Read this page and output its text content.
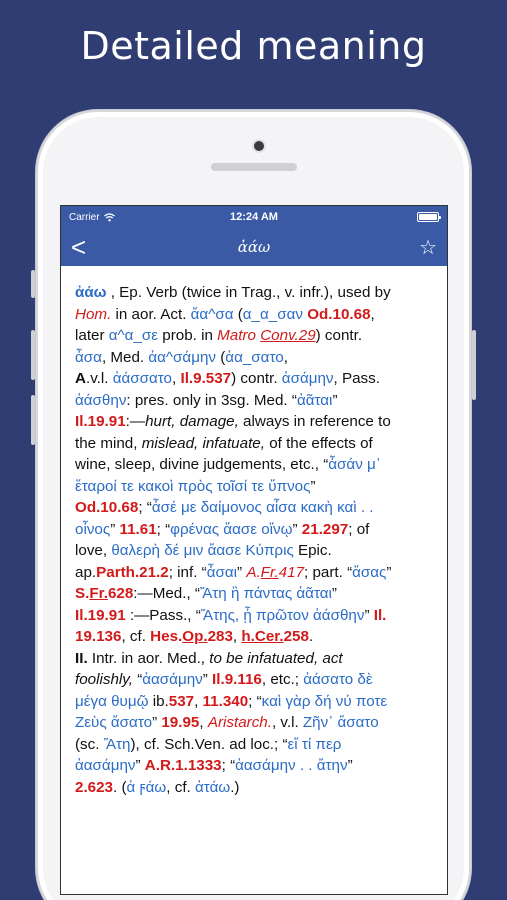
Detailed meaning
Carrier	12:24 AM
<	ἀάω	☆
ἀάω , Ep. Verb (twice in Trag., v. infr.), used by
Hom. in aor. Act. ἄα^σα (α_α_σαν Od.10.68,
later α^α_σε prob. in Matro Conv.29) contr.
ἆσα, Med. ἀα^σάμην (ἀα_σατο,
A.v.l. ἀάσσατο, Il.9.537) contr. ἀσάμην, Pass.
ἀάσθην: pres. only in 3sg. Med. “ἀᾶται”
Il.19.91:—hurt, damage, always in reference to
the mind, mislead, infatuate, of the effects of
wine, sleep, divine judgements, etc., “ἆσάν μ᾽
ἕταροί τε κακοὶ πρὸς τοῖσί τε ὕπνος”
Od.10.68; “ἆσέ με δαίμονος αἶσα κακὴ καὶ . .
οἶνος” 11.61; “φρένας ἄασε οἴνῳ” 21.297; of
love, θαλερὴ δέ μιν ἄασε Κύπρις Epic.
ap.Parth.21.2; inf. “ἆσαι” A.Fr.417; part. “ἄσας”
S.Fr.628:—Med., “Ἄτη ἣ πάντας ἀᾶται”
Il.19.91 :—Pass., “Ἄτης, ᾗ πρῶτον ἀάσθην” Il.
19.136, cf. Hes.Op.283, h.Cer.258.
II. Intr. in aor. Med., to be infatuated, act
foolishly, “ἀασάμην” Il.9.116, etc.; ἀάσατο δὲ
μέγα θυμῷ ib.537, 11.340; “καὶ γὰρ δή νύ ποτε
Ζεὺς ἄσατο” 19.95, Aristarch., v.l. Ζῆν᾽ ἄσατο
(sc. Ἄτη), cf. Sch.Ven. ad loc.; “εἴ τί περ
ἀασάμην” A.R.1.1333; “ἀασάμην . . ἄτην”
2.623. (ἀ ϝάω, cf. ἀτάω.)
